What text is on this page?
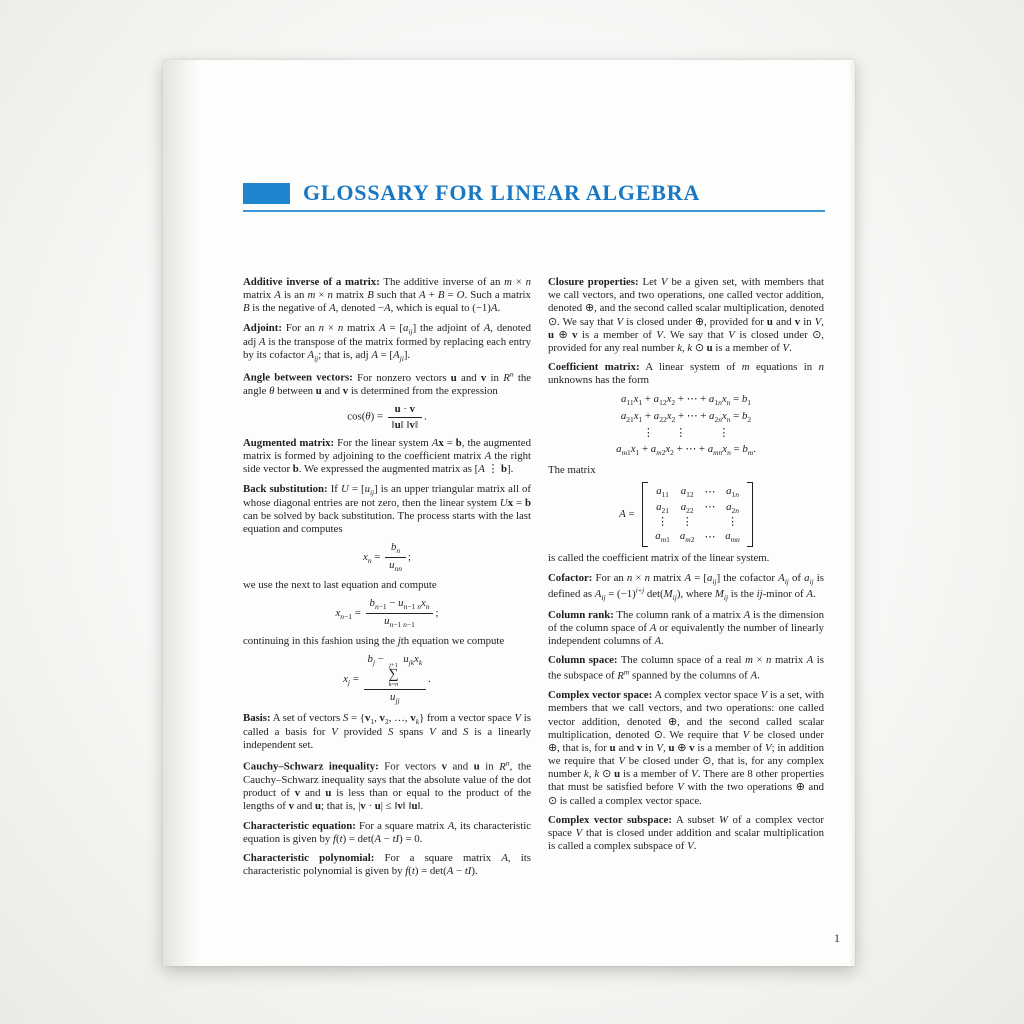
GLOSSARY FOR LINEAR ALGEBRA

Additive inverse of a matrix: The additive inverse of an m × n matrix A is an m × n matrix B such that A + B = O. Such a matrix B is the negative of A, denoted −A, which is equal to (−1)A.

Adjoint: For an n × n matrix $A = [a_{ij}]$ the adjoint of A, denoted adj A is the transpose of the matrix formed by replacing each entry by its cofactor $A_{ij}$; that is, adj $A = [A_{ji}]$.

Angle between vectors: For nonzero vectors u and v in $R^n$ the angle θ between u and v is determined from the expression
$\cos(\theta) = \frac{u \cdot v}{‖u‖ ‖v‖}$ .

Augmented matrix: For the linear system Ax = b, the augmented matrix is formed by adjoining to the coefficient matrix A the right side vector b. We expressed the augmented matrix as [A ⋮ b].

Back substitution: If $U = [u_{ij}]$ is an upper triangular matrix all of whose diagonal entries are not zero, then the linear system Ux = b can be solved by back substitution. The process starts with the last equation and computes
$x_n = \frac{b_n}{u_{nn}}$ ;
we use the next to last equation and compute
$x_{n-1} = \frac{b_{n-1} - u_{n-1 n}x_n}{u_{n-1 n-1}}$ ;
continuing in this fashion using the jth equation we compute
$x_j = b_j$ −
j+1
∑
k=n
$u_{jk}x_k$
$u_{jj}$ .

Basis: A set of vectors $S = \{v_1$, $v_2$, …, $v_k$} from a vector space V is called a basis for V provided S spans V and S is a linearly independent set.

Cauchy–Schwarz inequality: For vectors v and u in $R^n$, the Cauchy–Schwarz inequality says that the absolute value of the dot product of v and u is less than or equal to the product of the lengths of v and u; that is, |v · u| ≤ ‖v‖ ‖u‖.

Characteristic equation: For a square matrix A, its characteristic equation is given by f(t) = det(A − tI) = 0.

Characteristic polynomial: For a square matrix A, its characteristic polynomial is given by f(t) = det(A − tI).

Closure properties: Let V be a given set, with members that we call vectors, and two operations, one called vector addition, denoted ⊕, and the second called scalar multiplication, denoted ⊙. We say that V is closed under ⊕, provided for u and v in V, u ⊕ v is a member of V. We say that V is closed under ⊙, provided for any real number k, k ⊙ u is a member of V.

Coefficient matrix: A linear system of m equations in n unknowns has the form
$a_{11}x_1 + a_{12}x_2$ + ⋯ + $a_{1n}x_n = b_1$
$a_{21}x_1 + a_{22}x_2$ + ⋯ + $a_{2n}x_n = b_2$
⋮  ⋮   ⋮
$a_{m1}x_1 + a_{m2}x_2$ + ⋯ + $a_{mn}x_n = b_m$.
The matrix
A =
$a_{11}$ $a_{12}$ ⋯ $a_{1n}$
$a_{21}$ $a_{22}$ ⋯ $a_{2n}$
⋮ ⋮
 	⋮
$a_{m1}$ $a_{m2}$ ⋯ $a_{mn}$
is called the coefficient matrix of the linear system.

Cofactor: For an n × n matrix $A = [a_{ij}]$ the cofactor $A_{ij}$ of $a_{ij}$ is defined as $A_{ij} = (-1)^{i+j}$ $\det(M_{ij})$, where $M_{ij}$ is the ij-minor of A.

Column rank: The column rank of a matrix A is the dimension of the column space of A or equivalently the number of linearly independent columns of A.

Column space: The column space of a real m × n matrix A is the subspace of $R^m$ spanned by the columns of A.

Complex vector space: A complex vector space V is a set, with members that we call vectors, and two operations: one called vector addition, denoted ⊕, and the second called scalar multiplication, denoted ⊙. We require that V be closed under ⊕, that is, for u and v in V, u ⊕ v is a member of V; in addition we require that V be closed under ⊙, that is, for any complex number k, k ⊙ u is a member of V. There are 8 other properties that must be satisfied before V with the two operations ⊕ and ⊙ is called a complex vector space.

Complex vector subspace: A subset W of a complex vector space V that is closed under addition and scalar multiplication is called a complex subspace of V.

1
